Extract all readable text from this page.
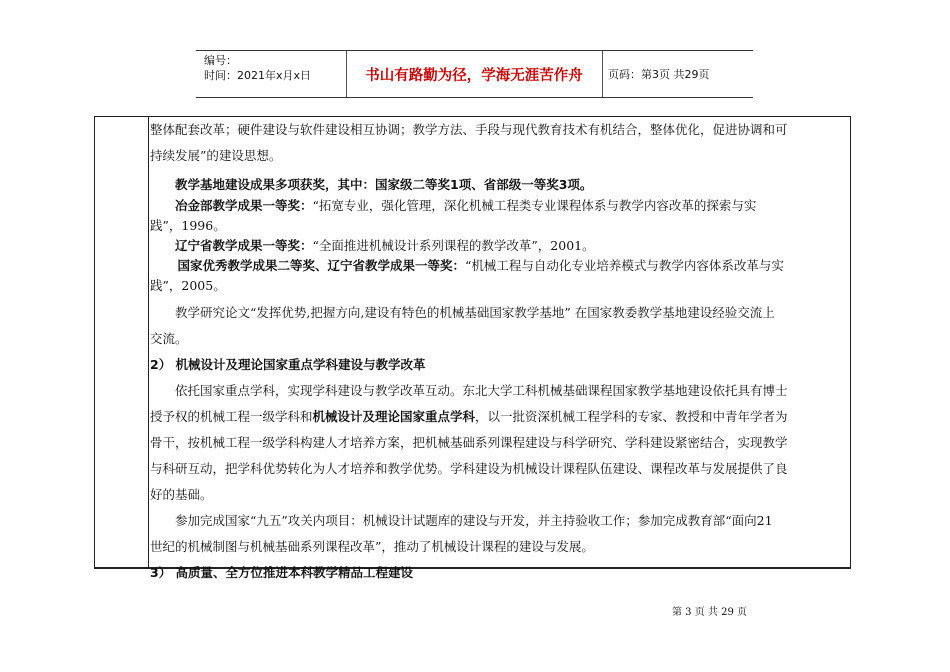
编号：
时间：2021年x月x日	书山有路勤为径，学海无涯苦作舟	页码：第3页 共29页

整体配套改革；硬件建设与软件建设相互协调；教学方法、手段与现代教育技术有机结合，整体优化，促进协调和可

持续发展”的建设思想。

教学基地建设成果多项获奖，其中：国家级二等奖1项、省部级一等奖3项。

冶金部教学成果一等奖：“拓宽专业，强化管理，深化机械工程类专业课程体系与教学内容改革的探索与实

践”，1996。

辽宁省教学成果一等奖：“全面推进机械设计系列课程的教学改革”，2001。

国家优秀教学成果二等奖、辽宁省教学成果一等奖：“机械工程与自动化专业培养模式与教学内容体系改革与实

践”，2005。

教学研究论文“发挥优势,把握方向,建设有特色的机械基础国家教学基地” 在国家教委教学基地建设经验交流上

交流。

2） 机械设计及理论国家重点学科建设与教学改革

依托国家重点学科，实现学科建设与教学改革互动。东北大学工科机械基础课程国家教学基地建设依托具有博士

授予权的机械工程一级学科和机械设计及理论国家重点学科，以一批资深机械工程学科的专家、教授和中青年学者为

骨干，按机械工程一级学科构建人才培养方案，把机械基础系列课程建设与科学研究、学科建设紧密结合，实现教学

与科研互动，把学科优势转化为人才培养和教学优势。学科建设为机械设计课程队伍建设、课程改革与发展提供了良

好的基础。

参加完成国家“九五”攻关内项目：机械设计试题库的建设与开发，并主持验收工作；参加完成教育部“面向21

世纪的机械制图与机械基础系列课程改革”，推动了机械设计课程的建设与发展。

3） 高质量、全方位推进本科教学精品工程建设

第 3 页 共 29 页
